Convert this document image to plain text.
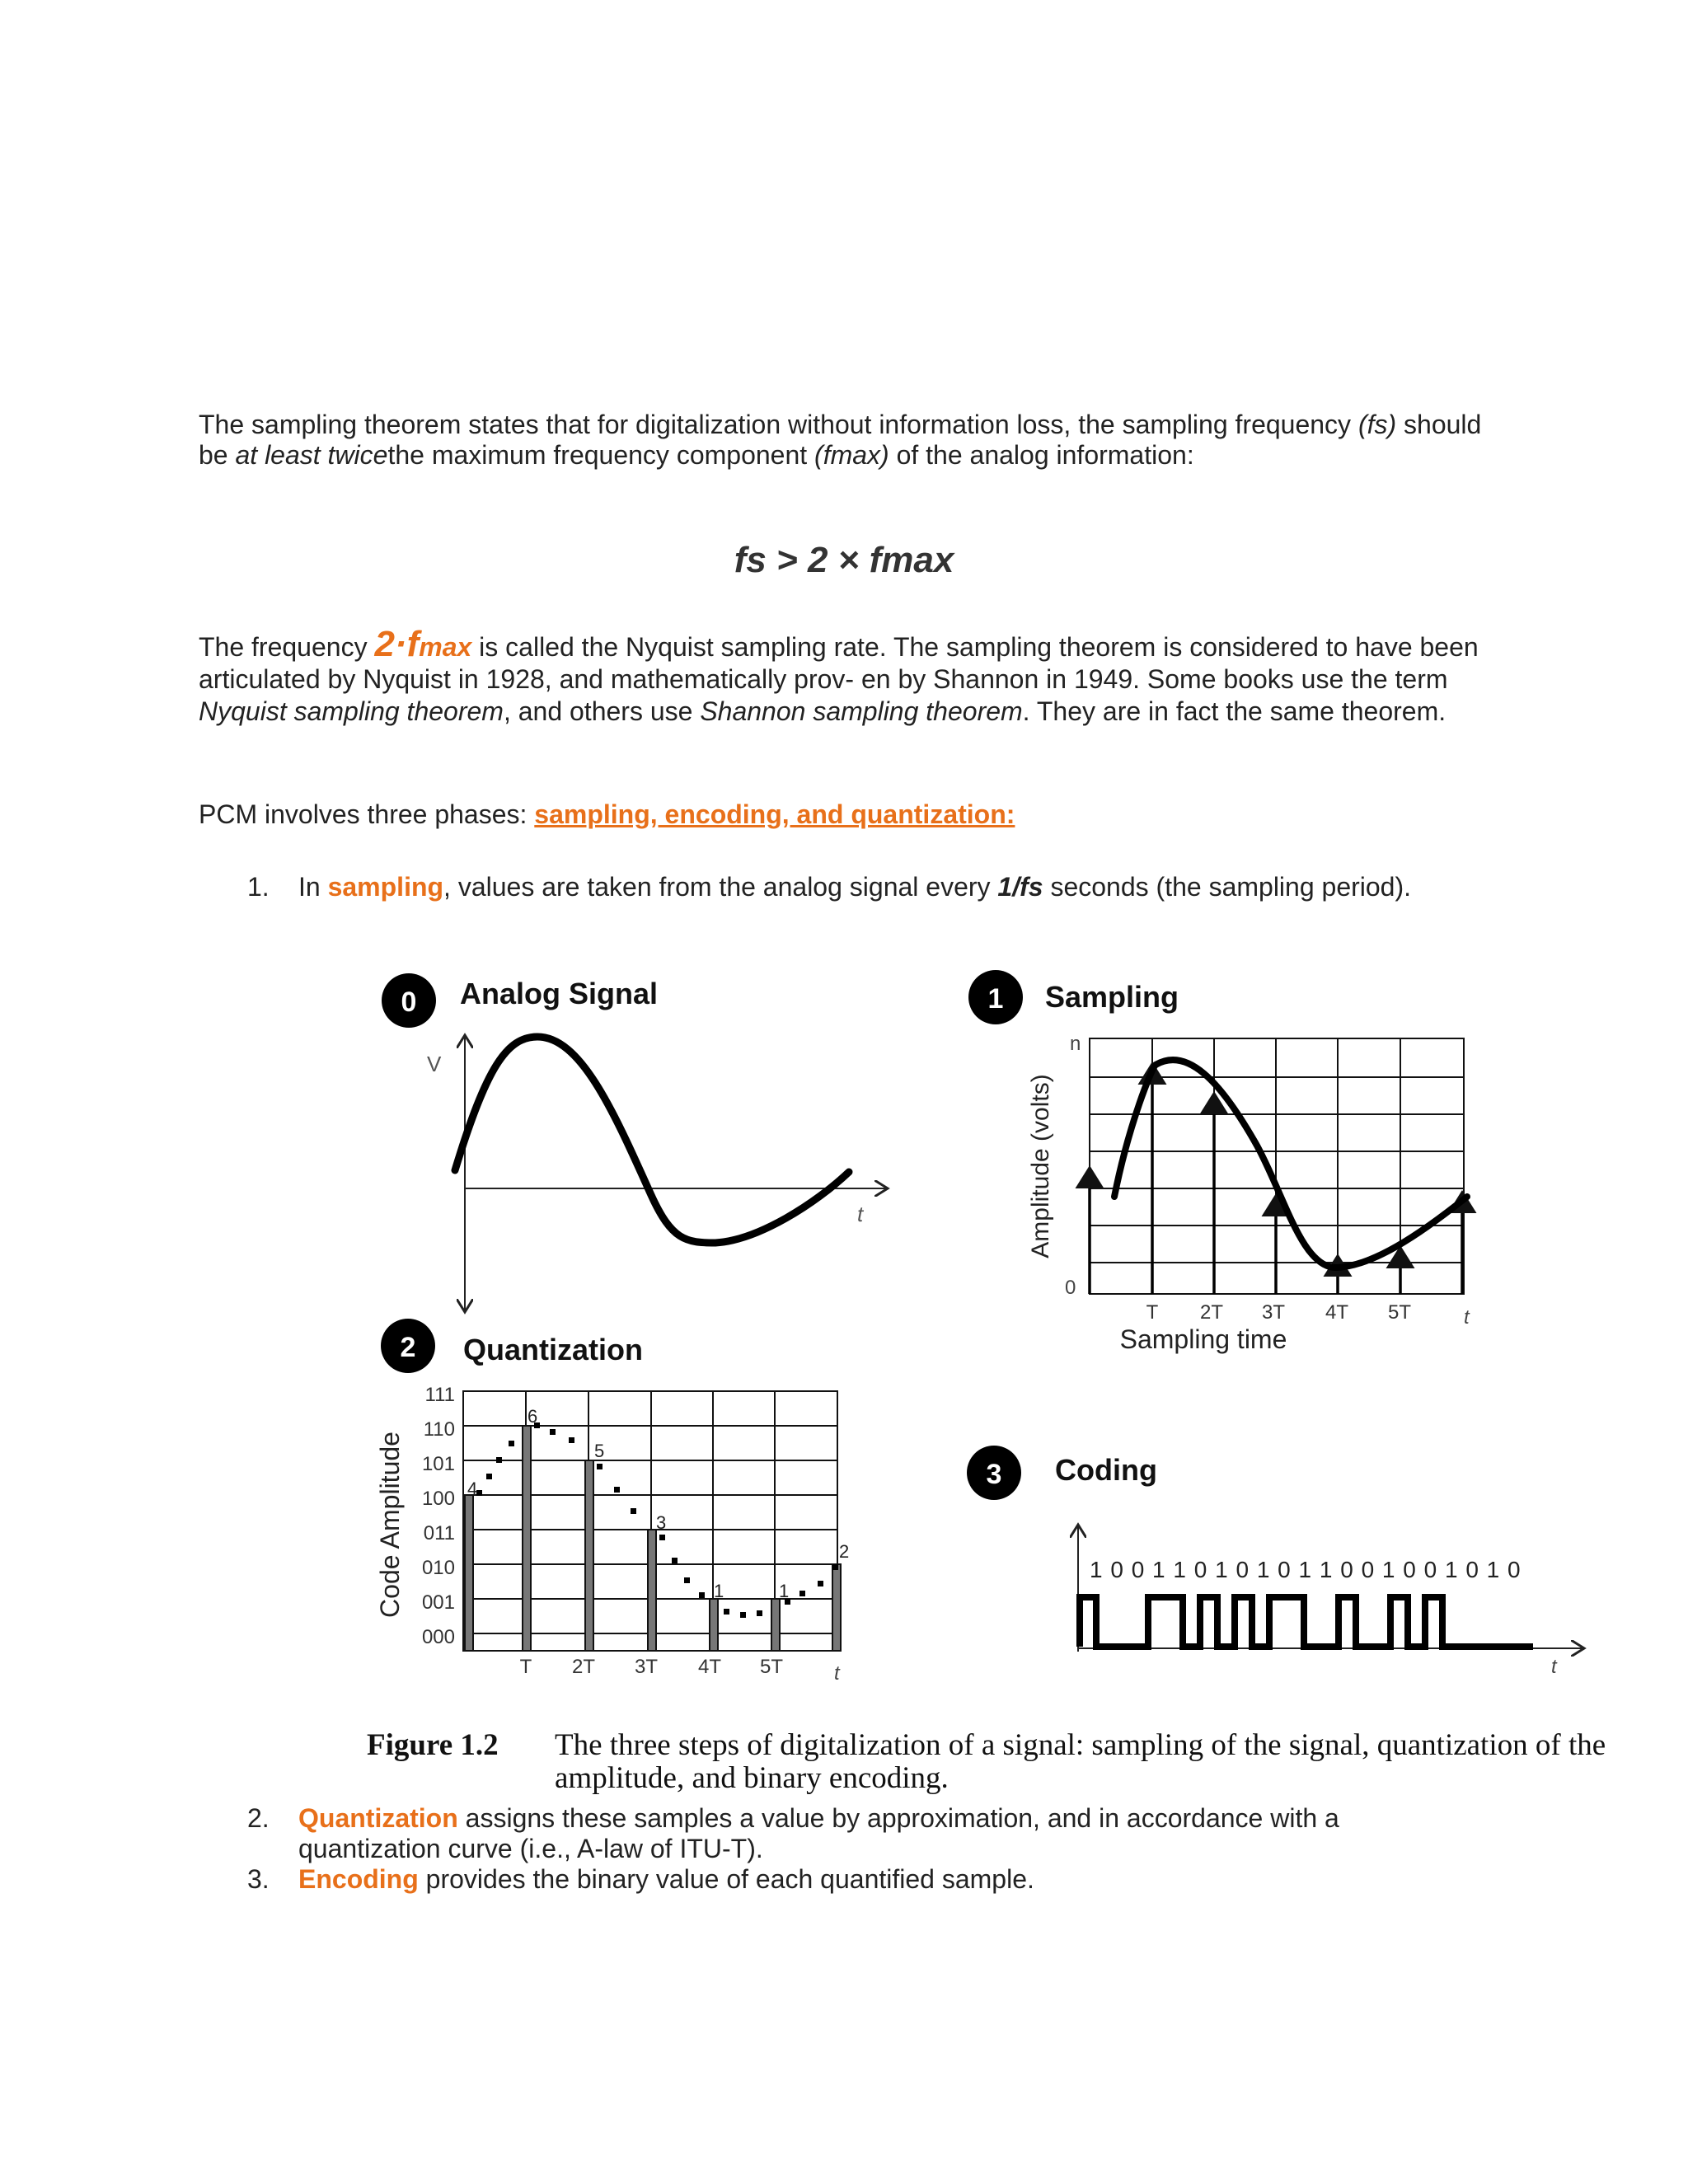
The sampling theorem states that for digitalization without information loss, the sampling frequency (fs) should be at least twicethe maximum frequency component (fmax) of the analog information:

fs > 2 × fmax

The frequency 2·fmax is called the Nyquist sampling rate. The sampling theorem is considered to have been articulated by Nyquist in 1928, and mathematically prov- en by Shannon in 1949. Some books use the term Nyquist sampling theorem, and others use Shannon sampling theorem. They are in fact the same theorem.

PCM involves three phases: sampling, encoding, and quantization:

1. In sampling, values are taken from the analog signal every 1/fs seconds (the sampling period).
0 Analog Signal
V
t
1 Sampling
n
0
Amplitude (volts)
T 2T 3T 4T 5T	t
Sampling time
2 Quantization
Code Amplitude
111
110
101
100
011
010
001
000
4
6
5
3
1	1
2
T 2T 3T 4T 5T	t
3 Coding
1 0 0 1 1 0 1 0 1 0 1 1 0 0 1 0 0 1 0 1 0
t
Figure 1.2 The three steps of digitalization of a signal: sampling of the signal, quantization of the amplitude, and binary encoding.
2. Quantization assigns these samples a value by approximation, and in accordance with a quantization curve (i.e., A-law of ITU-T).
3. Encoding provides the binary value of each quantified sample.
